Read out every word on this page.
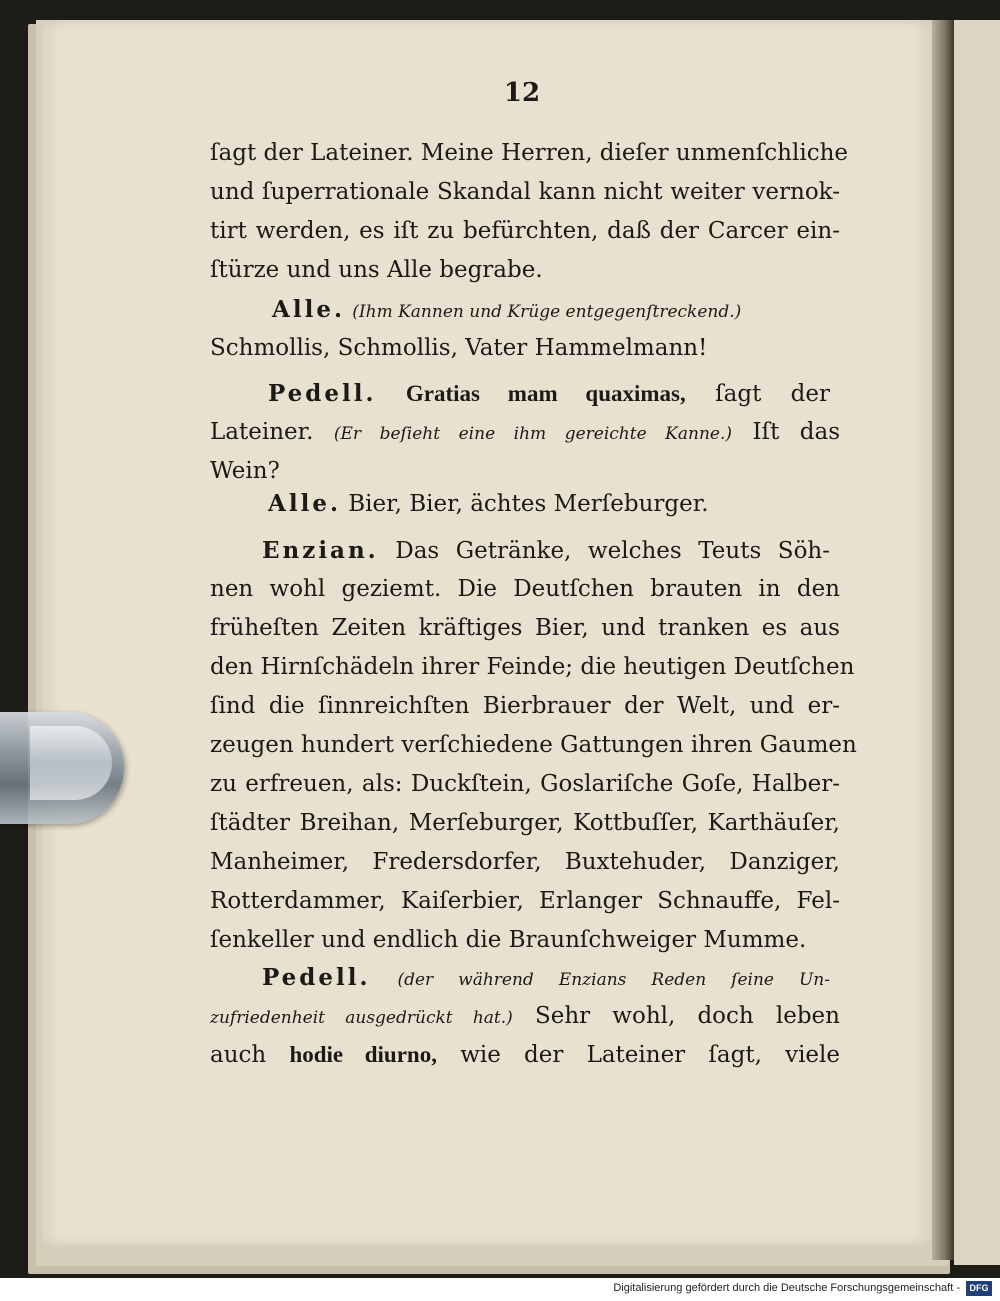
12

ſagt der Lateiner. Meine Herren, dieſer unmenſchliche

und ſuperrationale Skandal kann nicht weiter vernok-

tirt werden, es iſt zu befürchten, daß der Carcer ein-

ſtürze und uns Alle begrabe.

Alle. (Ihm Kannen und Krüge entgegenſtreckend.)

Schmollis, Schmollis, Vater Hammelmann!

Pedell. Gratias mam quaximas, ſagt der

Lateiner. (Er beſieht eine ihm gereichte Kanne.) Iſt das

Wein?

Alle. Bier, Bier, ächtes Merſeburger.

Enzian. Das Getränke, welches Teuts Söh-

nen wohl geziemt. Die Deutſchen brauten in den

früheſten Zeiten kräftiges Bier, und tranken es aus

den Hirnſchädeln ihrer Feinde; die heutigen Deutſchen

ſind die ſinnreichſten Bierbrauer der Welt, und er-

zeugen hundert verſchiedene Gattungen ihren Gaumen

zu erfreuen, als: Duckſtein, Goslariſche Goſe, Halber-

ſtädter Breihan, Merſeburger, Kottbuſſer, Karthäuſer,

Manheimer, Fredersdorfer, Buxtehuder, Danziger,

Rotterdammer, Kaiſerbier, Erlanger Schnauffe, Fel-

ſenkeller und endlich die Braunſchweiger Mumme.

Pedell. (der während Enzians Reden ſeine Un-

zufriedenheit ausgedrückt hat.) Sehr wohl, doch leben

auch hodie diurno, wie der Lateiner ſagt, viele

Digitalisierung gefördert durch die Deutsche Forschungsgemeinschaft -	DFG
